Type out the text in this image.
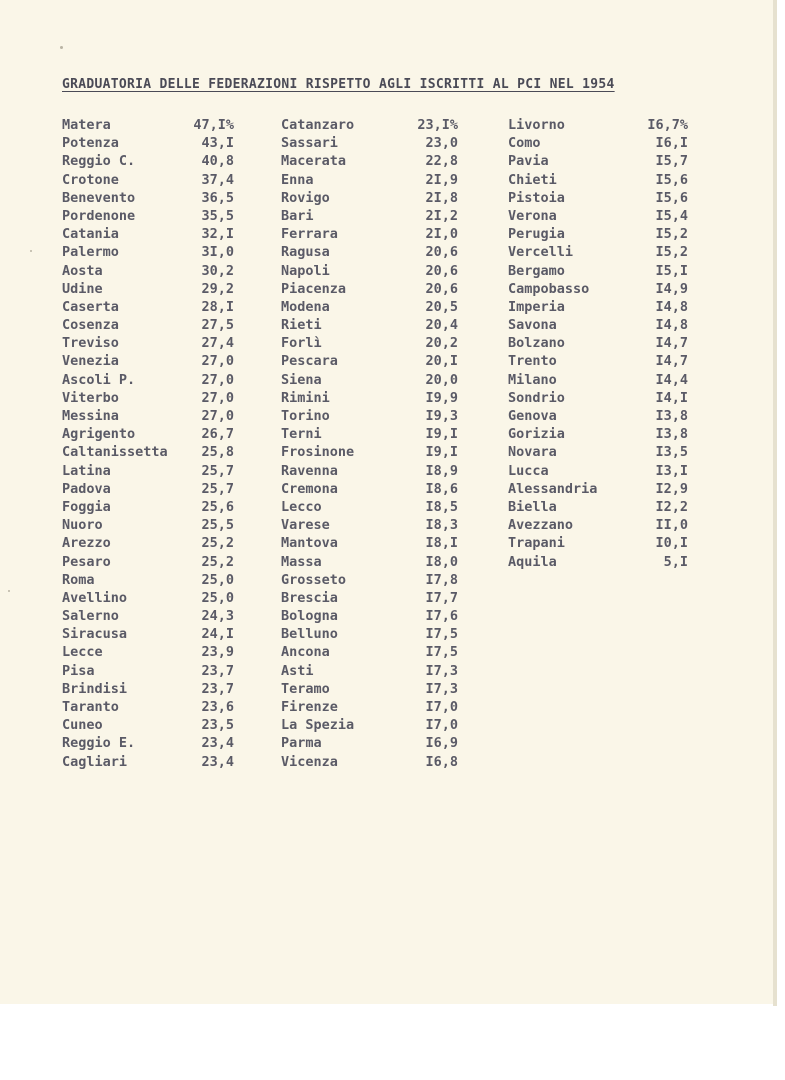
GRADUATORIA DELLE FEDERAZIONI RISPETTO AGLI ISCRITTI AL PCI NEL 1954
Matera	47,I%
Potenza	43,I
Reggio C.	40,8
Crotone	37,4
Benevento	36,5
Pordenone	35,5
Catania	32,I
Palermo	3I,0
Aosta	30,2
Udine	29,2
Caserta	28,I
Cosenza	27,5
Treviso	27,4
Venezia	27,0
Ascoli P.	27,0
Viterbo	27,0
Messina	27,0
Agrigento	26,7
Caltanissetta	25,8
Latina	25,7
Padova	25,7
Foggia	25,6
Nuoro	25,5
Arezzo	25,2
Pesaro	25,2
Roma	25,0
Avellino	25,0
Salerno	24,3
Siracusa	24,I
Lecce	23,9
Pisa	23,7
Brindisi	23,7
Taranto	23,6
Cuneo	23,5
Reggio E.	23,4
Cagliari	23,4
Catanzaro	23,I%
Sassari	23,0
Macerata	22,8
Enna	2I,9
Rovigo	2I,8
Bari	2I,2
Ferrara	2I,0
Ragusa	20,6
Napoli	20,6
Piacenza	20,6
Modena	20,5
Rieti	20,4
Forlì	20,2
Pescara	20,I
Siena	20,0
Rimini	I9,9
Torino	I9,3
Terni	I9,I
Frosinone	I9,I
Ravenna	I8,9
Cremona	I8,6
Lecco	I8,5
Varese	I8,3
Mantova	I8,I
Massa	I8,0
Grosseto	I7,8
Brescia	I7,7
Bologna	I7,6
Belluno	I7,5
Ancona	I7,5
Asti	I7,3
Teramo	I7,3
Firenze	I7,0
La Spezia	I7,0
Parma	I6,9
Vicenza	I6,8
Livorno	I6,7%
Como	I6,I
Pavia	I5,7
Chieti	I5,6
Pistoia	I5,6
Verona	I5,4
Perugia	I5,2
Vercelli	I5,2
Bergamo	I5,I
Campobasso	I4,9
Imperia	I4,8
Savona	I4,8
Bolzano	I4,7
Trento	I4,7
Milano	I4,4
Sondrio	I4,I
Genova	I3,8
Gorizia	I3,8
Novara	I3,5
Lucca	I3,I
Alessandria	I2,9
Biella	I2,2
Avezzano	II,0
Trapani	I0,I
Aquila	5,I
